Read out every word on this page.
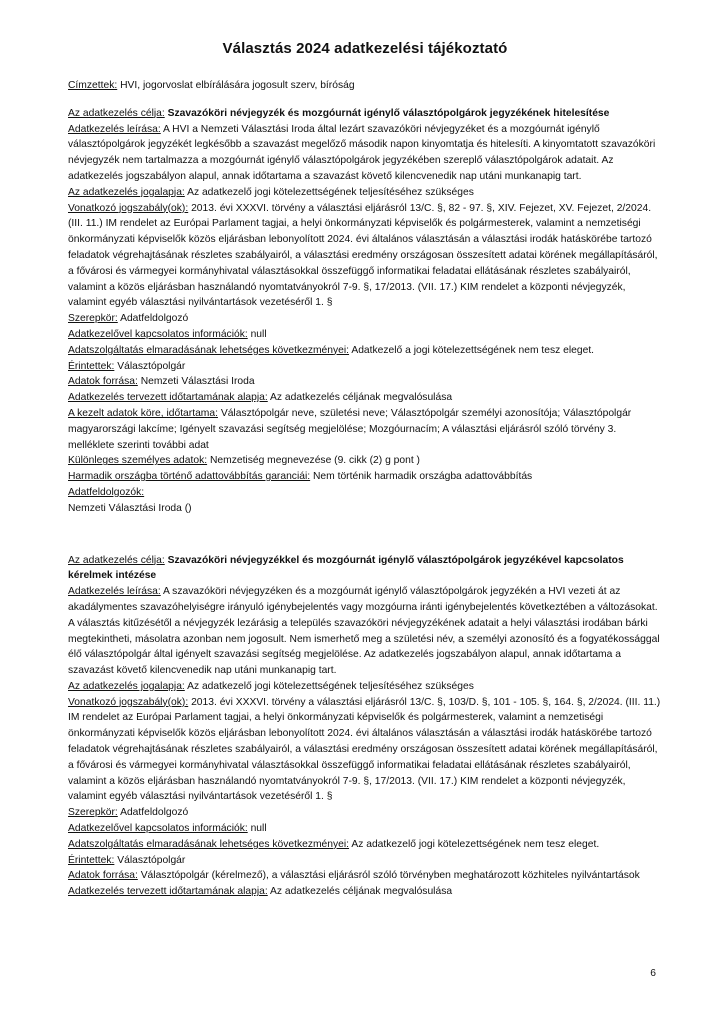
Választás 2024 adatkezelési tájékoztató

Címzettek: HVI, jogorvoslat elbírálására jogosult szerv, bíróság

Az adatkezelés célja: Szavazóköri névjegyzék és mozgóurnát igénylő választópolgárok jegyzékének hitelesítése

Adatkezelés leírása: A HVI a Nemzeti Választási Iroda által lezárt szavazóköri névjegyzéket és a mozgóurnát igénylő választópolgárok jegyzékét legkésőbb a szavazást megelőző második napon kinyomtatja és hitelesíti. A kinyomtatott szavazóköri névjegyzék nem tartalmazza a mozgóurnát igénylő választópolgárok jegyzékében szereplő választópolgárok adatait. Az adatkezelés jogszabályon alapul, annak időtartama a szavazást követő kilencvenedik nap utáni munkanapig tart.

Az adatkezelés jogalapja: Az adatkezelő jogi kötelezettségének teljesítéséhez szükséges

Vonatkozó jogszabály(ok): 2013. évi XXXVI. törvény a választási eljárásról 13/C. §, 82 - 97. §, XIV. Fejezet, XV. Fejezet, 2/2024. (III. 11.) IM rendelet az Európai Parlament tagjai, a helyi önkormányzati képviselők és polgármesterek, valamint a nemzetiségi önkormányzati képviselők közös eljárásban lebonyolított 2024. évi általános választásán a választási irodák hatáskörébe tartozó feladatok végrehajtásának részletes szabályairól, a választási eredmény országosan összesített adatai körének megállapításáról, a fővárosi és vármegyei kormányhivatal választásokkal összefüggő informatikai feladatai ellátásának részletes szabályairól, valamint a közös eljárásban használandó nyomtatványokról 7-9. §, 17/2013. (VII. 17.) KIM rendelet a központi névjegyzék, valamint egyéb választási nyilvántartások vezetéséről 1. §

Szerepkör: Adatfeldolgozó

Adatkezelővel kapcsolatos információk: null

Adatszolgáltatás elmaradásának lehetséges következményei: Adatkezelő a jogi kötelezettségének nem tesz eleget.

Érintettek: Választópolgár

Adatok forrása: Nemzeti Választási Iroda

Adatkezelés tervezett időtartamának alapja: Az adatkezelés céljának megvalósulása

A kezelt adatok köre, időtartama: Választópolgár neve, születési neve; Választópolgár személyi azonosítója; Választópolgár magyarországi lakcíme; Igényelt szavazási segítség megjelölése; Mozgóurnacím; A választási eljárásról szóló törvény 3. melléklete szerinti további adat

Különleges személyes adatok: Nemzetiség megnevezése (9. cikk (2) g pont )

Harmadik országba történő adattovábbítás garanciái: Nem történik harmadik országba adattovábbítás

Adatfeldolgozók:

Nemzeti Választási Iroda ()

Az adatkezelés célja: Szavazóköri névjegyzékkel és mozgóurnát igénylő választópolgárok jegyzékével kapcsolatos kérelmek intézése

Adatkezelés leírása: A szavazóköri névjegyzéken és a mozgóurnát igénylő választópolgárok jegyzékén a HVI vezeti át az akadálymentes szavazóhelyiségre irányuló igénybejelentés vagy mozgóurna iránti igénybejelentés következtében a változásokat. A választás kitűzésétől a névjegyzék lezárásig a település szavazóköri névjegyzékének adatait a helyi választási irodában bárki megtekintheti, másolatra azonban nem jogosult. Nem ismerhető meg a születési név, a személyi azonosító és a fogyatékossággal élő választópolgár által igényelt szavazási segítség megjelölése. Az adatkezelés jogszabályon alapul, annak időtartama a szavazást követő kilencvenedik nap utáni munkanapig tart.

Az adatkezelés jogalapja: Az adatkezelő jogi kötelezettségének teljesítéséhez szükséges

Vonatkozó jogszabály(ok): 2013. évi XXXVI. törvény a választási eljárásról 13/C. §, 103/D. §, 101 - 105. §, 164. §, 2/2024. (III. 11.) IM rendelet az Európai Parlament tagjai, a helyi önkormányzati képviselők és polgármesterek, valamint a nemzetiségi önkormányzati képviselők közös eljárásban lebonyolított 2024. évi általános választásán a választási irodák hatáskörébe tartozó feladatok végrehajtásának részletes szabályairól, a választási eredmény országosan összesített adatai körének megállapításáról, a fővárosi és vármegyei kormányhivatal választásokkal összefüggő informatikai feladatai ellátásának részletes szabályairól, valamint a közös eljárásban használandó nyomtatványokról 7-9. §, 17/2013. (VII. 17.) KIM rendelet a központi névjegyzék, valamint egyéb választási nyilvántartások vezetéséről 1. §

Szerepkör: Adatfeldolgozó

Adatkezelővel kapcsolatos információk: null

Adatszolgáltatás elmaradásának lehetséges következményei: Az adatkezelő jogi kötelezettségének nem tesz eleget.

Érintettek: Választópolgár

Adatok forrása: Választópolgár (kérelmező), a választási eljárásról szóló törvényben meghatározott közhiteles nyilvántartások

Adatkezelés tervezett időtartamának alapja: Az adatkezelés céljának megvalósulása

6
